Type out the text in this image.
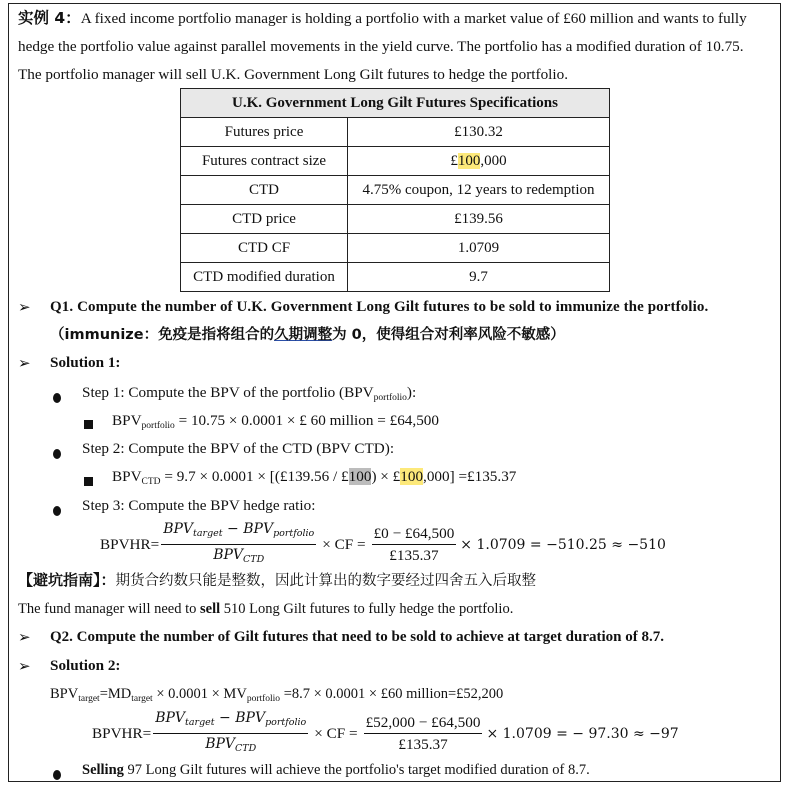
实例 4：A fixed income portfolio manager is holding a portfolio with a market value of £60 million and wants to fully
hedge the portfolio value against parallel movements in the yield curve. The portfolio has a modified duration of 10.75.
The portfolio manager will sell U.K. Government Long Gilt futures to hedge the portfolio.
U.K. Government Long Gilt Futures Specifications	
Futures price	£130.32
Futures contract size	£100,000
CTD	4.75% coupon, 12 years to redemption
CTD price	£139.56
CTD CF	1.0709
CTD modified duration	9.7
➢ Q1. Compute the number of U.K. Government Long Gilt futures to be sold to immunize the portfolio.
（immunize：免疫是指将组合的久期调整为 0，使得组合对利率风险不敏感）
➢ Solution 1:
Step 1: Compute the BPV of the portfolio $(BPV_{portfolio})$:
$BPV_{portfolio} = 10.75 \times 0.0001$ × £ 60 million = £64,500
Step 2: Compute the BPV of the CTD (BPV CTD):
$BPV_{CTD} = 9.7 \times 0.0001$ × [(£139.56 / £100) × £100,000] =£135.37
Step 3: Compute the BPV hedge ratio:
BPVHR= $\frac{BPV_{target} - BPV_{portfolio}}{BPV_{CTD}}$ × CF = $\frac{£0 - £64,500}{£135.37} \times 1.0709 = -510.25 \approx -510$
【避坑指南】：期货合约数只能是整数，因此计算出的数字要经过四舍五入后取整
The fund manager will need to sell 510 Long Gilt futures to fully hedge the portfolio.
➢ Q2. Compute the number of Gilt futures that need to be sold to achieve at target duration of 8.7.
➢ Solution 2:
$BPV_{target}=MD_{target} \times 0.0001 \times MV_{portfolio} =8.7 \times 0.0001$ × £60 million=£52,200
BPVHR= $\frac{BPV_{target} - BPV_{portfolio}}{BPV_{CTD}}$ × CF = $\frac{£52,000 - £64,500}{£135.37} \times 1.0709$ = − 97.30 ≈ −97
Selling 97 Long Gilt futures will achieve the portfolio's target modified duration of 8.7.
